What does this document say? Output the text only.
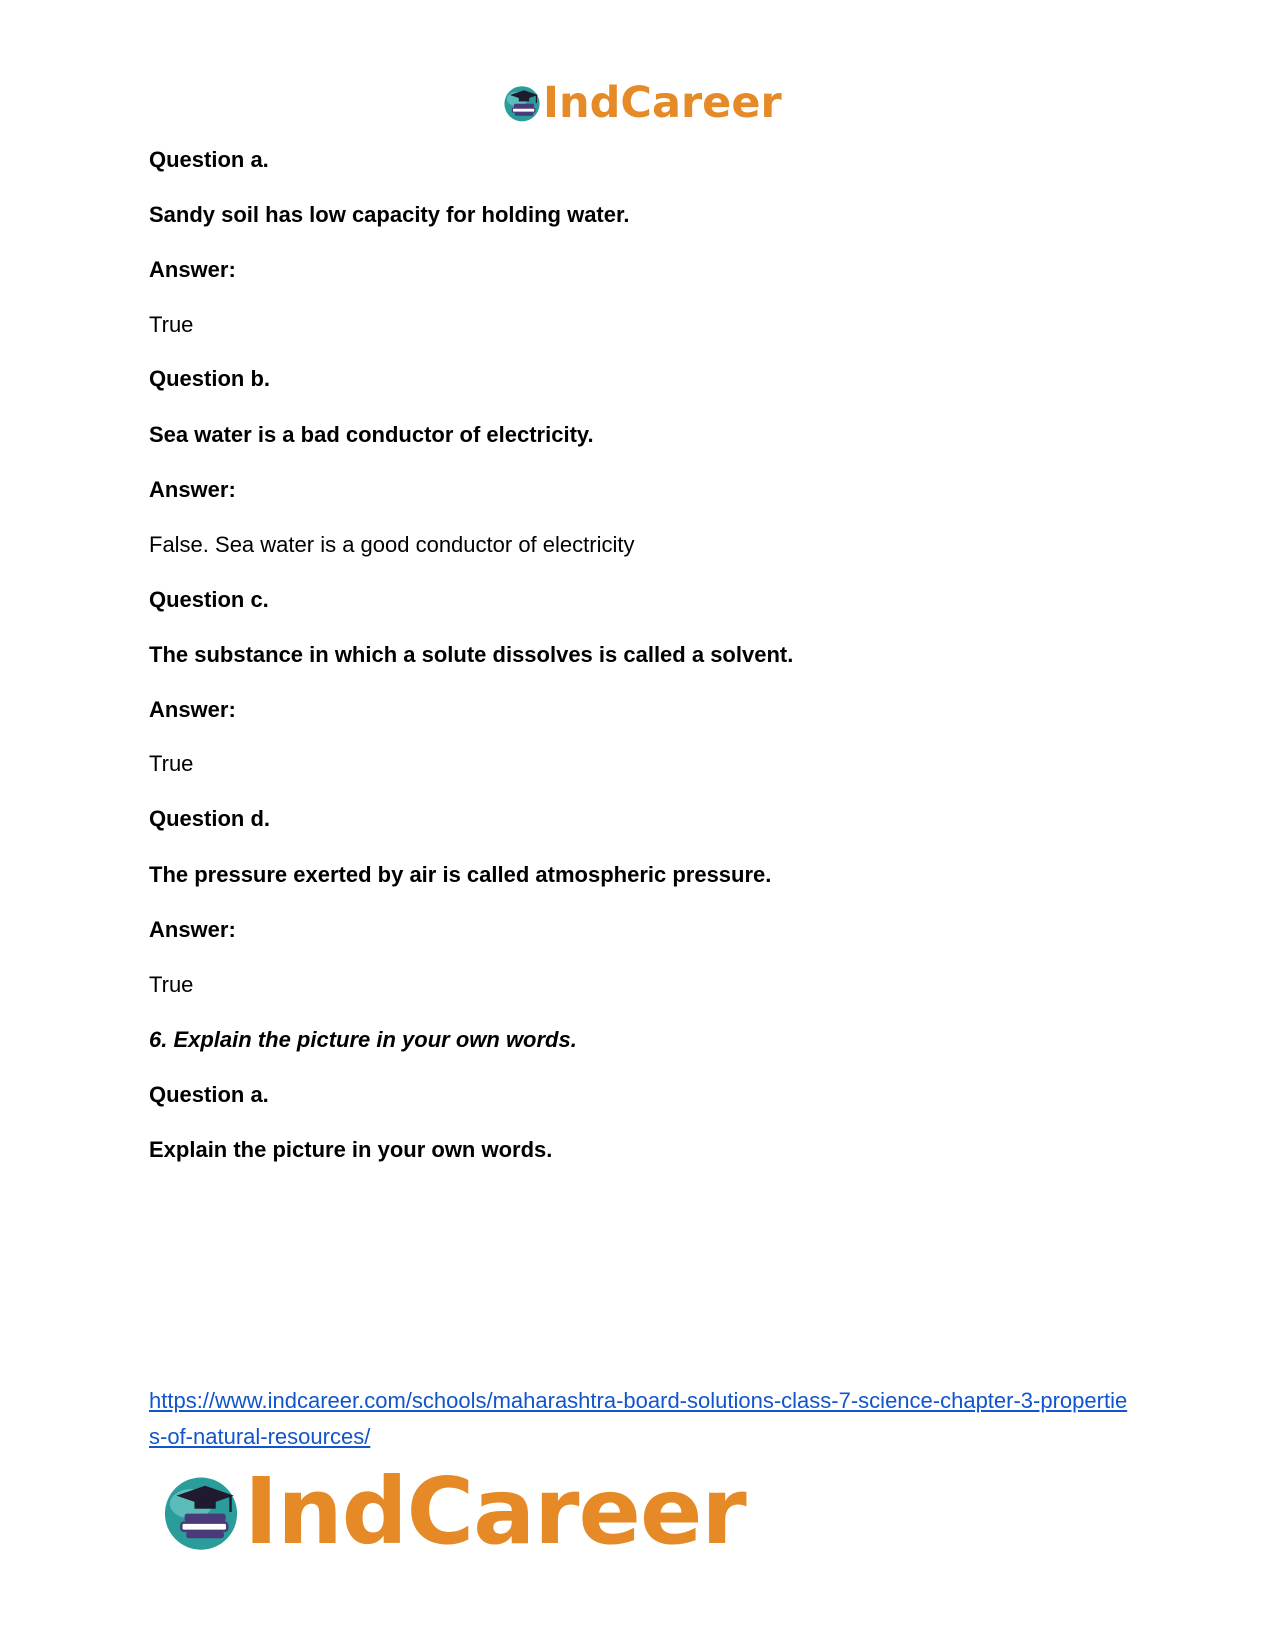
IndCareer
Question a.
Sandy soil has low capacity for holding water.
Answer:
True
Question b.
Sea water is a bad conductor of electricity.
Answer:
False. Sea water is a good conductor of electricity
Question c.
The substance in which a solute dissolves is called a solvent.
Answer:
True
Question d.
The pressure exerted by air is called atmospheric pressure.
Answer:
True
6. Explain the picture in your own words.
Question a.
Explain the picture in your own words.
https://www.indcareer.com/schools/maharashtra-board-solutions-class-7-science-chapter-3-properties-of-natural-resources/
IndCareer
